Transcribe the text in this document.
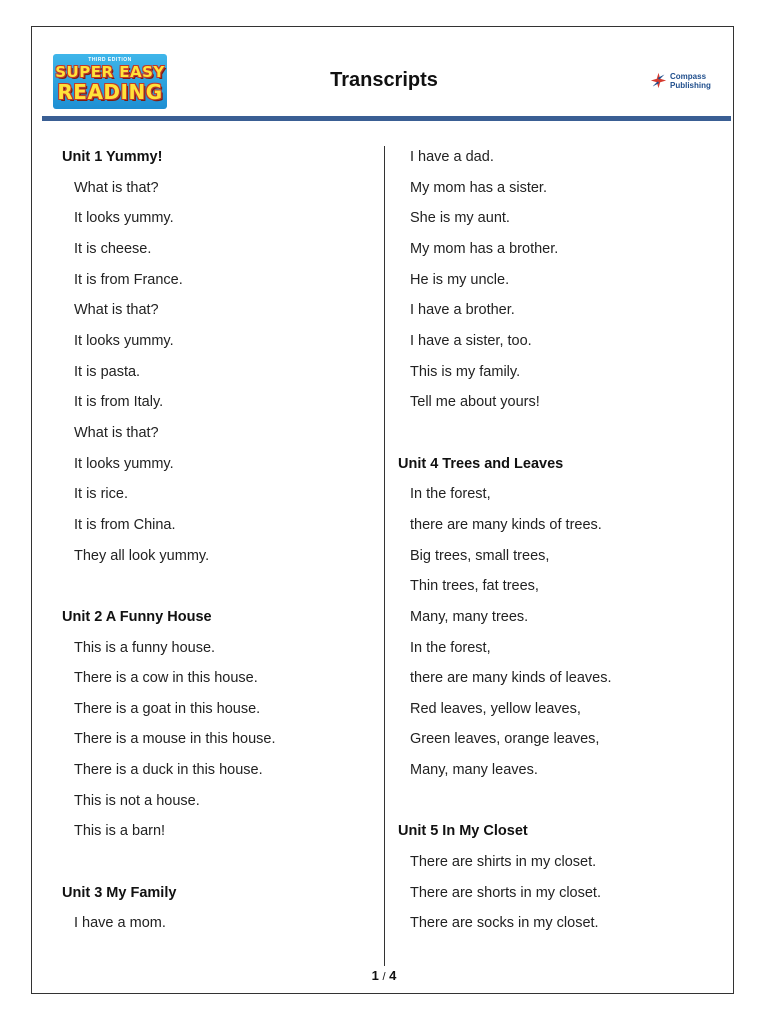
THIRD EDITION
SUPER EASY
READING	Transcripts	Compass
Publishing
Unit 1 Yummy!
What is that?
It looks yummy.
It is cheese.
It is from France.
What is that?
It looks yummy.
It is pasta.
It is from Italy.
What is that?
It looks yummy.
It is rice.
It is from China.
They all look yummy.
Unit 2 A Funny House
This is a funny house.
There is a cow in this house.
There is a goat in this house.
There is a mouse in this house.
There is a duck in this house.
This is not a house.
This is a barn!
Unit 3 My Family
I have a mom.
I have a dad.
My mom has a sister.
She is my aunt.
My mom has a brother.
He is my uncle.
I have a brother.
I have a sister, too.
This is my family.
Tell me about yours!
Unit 4 Trees and Leaves
In the forest,
there are many kinds of trees.
Big trees, small trees,
Thin trees, fat trees,
Many, many trees.
In the forest,
there are many kinds of leaves.
Red leaves, yellow leaves,
Green leaves, orange leaves,
Many, many leaves.
Unit 5 In My Closet
There are shirts in my closet.
There are shorts in my closet.
There are socks in my closet.
1 / 4
